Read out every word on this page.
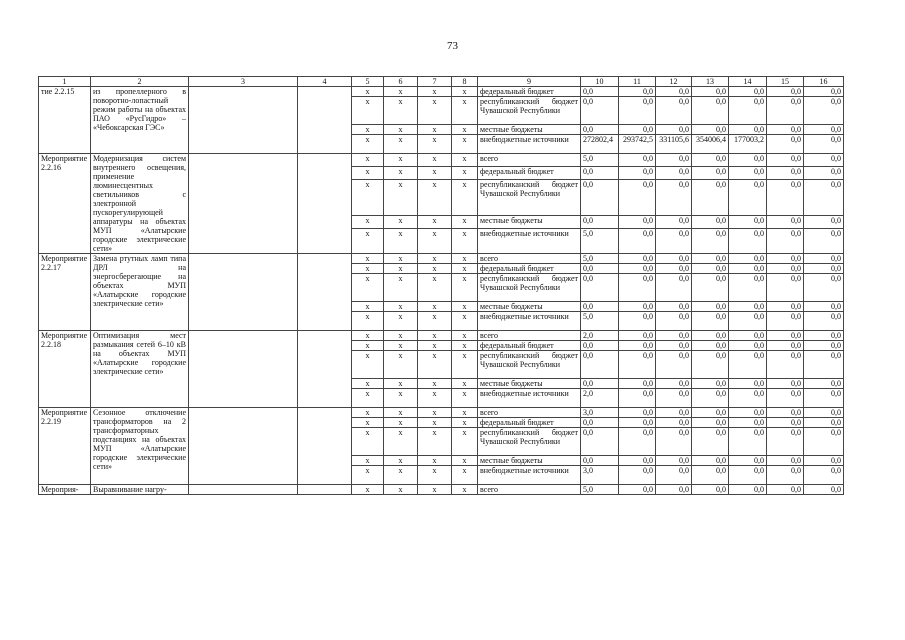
73
1	2	3	4	5	6	7	8	9	10	11	12	13	14	15	16
тие 2.2.15	из пропеллерного в поворотно-лопастный режим работы на объектах ПАО «РусГидро» – «Чебоксарская ГЭС»			x	x	x	x	федеральный бюджет	0,0	0,0	0,0	0,0	0,0	0,0	0,0
				x	x	x	x	республиканский бюджет Чувашской Республики	0,0	0,0	0,0	0,0	0,0	0,0	0,0
				x	x	x	x	местные бюджеты	0,0	0,0	0,0	0,0	0,0	0,0	0,0
				x	x	x	x	внебюджетные источники	272802,4	293742,5	331105,6	354006,4	177003,2	0,0	0,0
Мероприятие 2.2.16	Модернизация систем внутреннего освещения, применение люминесцентных светильников с электронной пускорегулирующей аппаратуры на объектах МУП «Алатырские городские электрические сети»			x	x	x	x	всего	5,0	0,0	0,0	0,0	0,0	0,0	0,0
				x	x	x	x	федеральный бюджет	0,0	0,0	0,0	0,0	0,0	0,0	0,0
				x	x	x	x	республиканский бюджет Чувашской Республики	0,0	0,0	0,0	0,0	0,0	0,0	0,0
				x	x	x	x	местные бюджеты	0,0	0,0	0,0	0,0	0,0	0,0	0,0
				x	x	x	x	внебюджетные источники	5,0	0,0	0,0	0,0	0,0	0,0	0,0
Мероприятие 2.2.17	Замена ртутных ламп типа ДРЛ на энергосберегающие на объектах МУП «Алатырские городские электрические сети»			x	x	x	x	всего	5,0	0,0	0,0	0,0	0,0	0,0	0,0
				x	x	x	x	федеральный бюджет	0,0	0,0	0,0	0,0	0,0	0,0	0,0
				x	x	x	x	республиканский бюджет Чувашской Республики	0,0	0,0	0,0	0,0	0,0	0,0	0,0
				x	x	x	x	местные бюджеты	0,0	0,0	0,0	0,0	0,0	0,0	0,0
				x	x	x	x	внебюджетные источники	5,0	0,0	0,0	0,0	0,0	0,0	0,0
Мероприятие 2.2.18	Оптимизация мест размыкания сетей 6–10 кВ на объектах МУП «Алатырские городские электрические сети»			x	x	x	x	всего	2,0	0,0	0,0	0,0	0,0	0,0	0,0
				x	x	x	x	федеральный бюджет	0,0	0,0	0,0	0,0	0,0	0,0	0,0
				x	x	x	x	республиканский бюджет Чувашской Республики	0,0	0,0	0,0	0,0	0,0	0,0	0,0
				x	x	x	x	местные бюджеты	0,0	0,0	0,0	0,0	0,0	0,0	0,0
				x	x	x	x	внебюджетные источники	2,0	0,0	0,0	0,0	0,0	0,0	0,0
Мероприятие 2.2.19	Сезонное отключение трансформаторов на 2 трансформаторных подстанциях на объектах МУП «Алатырские городские электрические сети»			x	x	x	x	всего	3,0	0,0	0,0	0,0	0,0	0,0	0,0
				x	x	x	x	федеральный бюджет	0,0	0,0	0,0	0,0	0,0	0,0	0,0
				x	x	x	x	республиканский бюджет Чувашской Республики	0,0	0,0	0,0	0,0	0,0	0,0	0,0
				x	x	x	x	местные бюджеты	0,0	0,0	0,0	0,0	0,0	0,0	0,0
				x	x	x	x	внебюджетные источники	3,0	0,0	0,0	0,0	0,0	0,0	0,0
Мероприя-	Выравнивание нагру-			x	x	x	x	всего	5,0	0,0	0,0	0,0	0,0	0,0	0,0
